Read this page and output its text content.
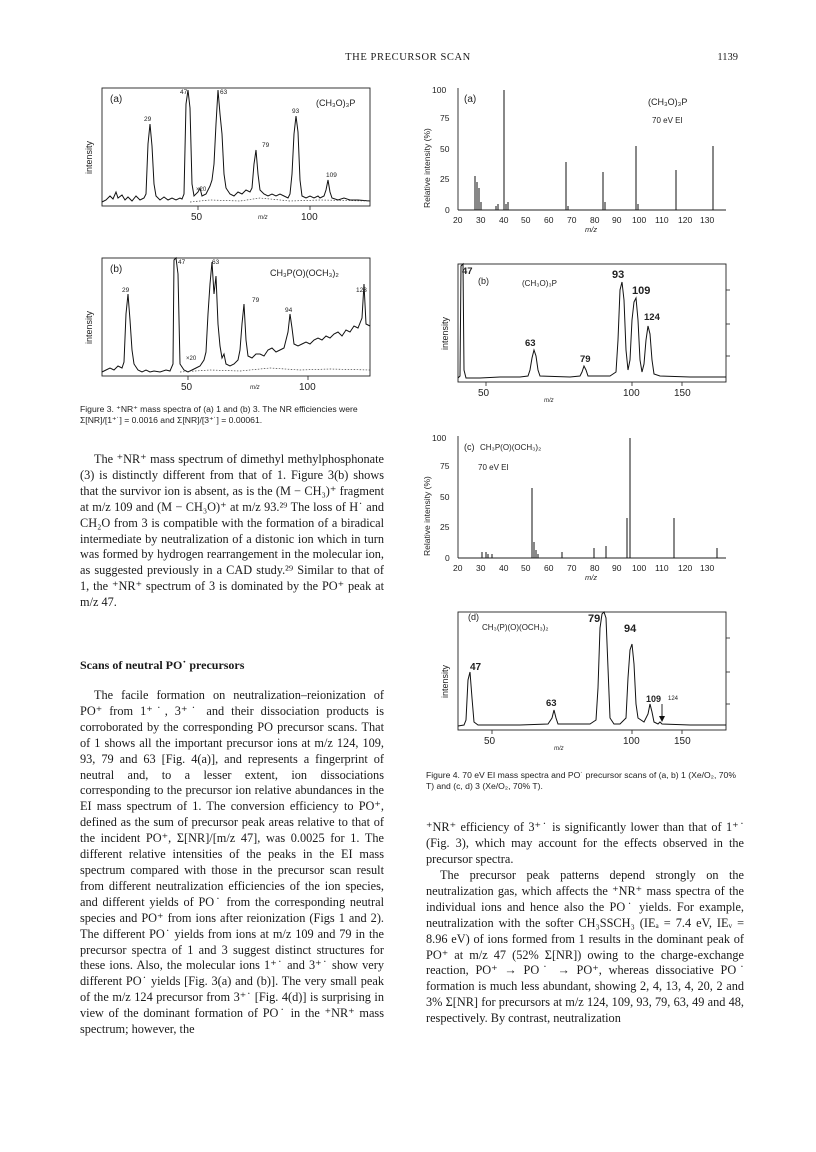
THE PRECURSOR SCAN	1139
(a)	(CH₃O)₃P
×20
29
47	63
79
93
109
intensity
50	m/z	100
(b)	CH₃P(O)(OCH₃)₂
×20
29
47	63
79
94
123
intensity
50	m/z	100
Figure 3. ⁺NR⁺ mass spectra of (a) 1 and (b) 3. The NR efficiencies were Σ[NR]/[1⁺˙] = 0.0016 and Σ[NR]/[3⁺˙] = 0.00061.

The ⁺NR⁺ mass spectrum of dimethyl methylphosphonate (3) is distinctly different from that of 1. Figure 3(b) shows that the survivor ion is absent, as is the (M − CH₃)⁺ fragment at m/z 109 and (M − CH₃O)⁺ at m/z 93.²⁹ The loss of H˙ and CH₂O from 3 is compatible with the formation of a biradical intermediate by neutralization of a distonic ion which in turn was formed by hydrogen rearrangement in the molecular ion, as suggested previously in a CAD study.²⁹ Similar to that of 1, the ⁺NR⁺ spectrum of 3 is dominated by the PO⁺ peak at m/z 47.

Scans of neutral PO˙ precursors

The facile formation on neutralization–reionization of PO⁺ from 1⁺˙, 3⁺˙ and their dissociation products is corroborated by the corresponding PO precursor scans. That of 1 shows all the important precursor ions at m/z 124, 109, 93, 79 and 63 [Fig. 4(a)], and represents a fingerprint of neutral and, to a lesser extent, ion dissociations corresponding to the precursor ion relative abundances in the EI mass spectrum of 1. The conversion efficiency to PO⁺, defined as the sum of precursor peak areas relative to that of the incident PO⁺, Σ[NR]/[m/z 47], was 0.0025 for 1. The different relative intensities of the peaks in the EI mass spectrum compared with those in the precursor scan result from different neutralization efficiencies of the ion species, and different yields of PO˙ from the corresponding neutral species and PO⁺ from ions after reionization (Figs 1 and 2). The different PO˙ yields from ions at m/z 109 and 79 in the precursor spectra of 1 and 3 suggest distinct structures for these ions. Also, the molecular ions 1⁺˙ and 3⁺˙ show very different PO˙ yields [Fig. 3(a) and (b)]. The very small peak of the m/z 124 precursor from 3⁺˙ [Fig. 4(d)] is surprising in view of the dominant formation of PO˙ in the ⁺NR⁺ mass spectrum; however, the

(a)	(CH₃O)₃P
70 eV EI
100
75
50
25
0
Relative intensity (%)
20 30 40 50 60 70 80 90 100 110 120 130
m/z
(b)	(CH₃O)₃P
47
63
79
93
109
124
intensity
50
m/z
100	150
(c) CH₃P(O)(OCH₃)₂
70 eV EI
100
75
50
25
0
Relative intensity (%)
20 30 40 50 60 70 80 90 100 110 120 130
m/z
(d)
CH₃(P)(O)(OCH₃)₂
47
63
79
94
109 124
intensity
50
m/z
100	150
Figure 4. 70 eV EI mass spectra and PO˙ precursor scans of (a, b) 1 (Xe/O₂, 70% T) and (c, d) 3 (Xe/O₂, 70% T).

⁺NR⁺ efficiency of 3⁺˙ is significantly lower than that of 1⁺˙ (Fig. 3), which may account for the effects observed in the precursor spectra.

The precursor peak patterns depend strongly on the neutralization gas, which affects the ⁺NR⁺ mass spectra of the individual ions and hence also the PO˙ yields. For example, neutralization with the softer CH₃SSCH₃ (IEₐ = 7.4 eV, IEᵥ = 8.96 eV) of ions formed from 1 results in the dominant peak of PO⁺ at m/z 47 (52% Σ[NR]) owing to the charge-exchange reaction, PO⁺ → PO˙ → PO⁺, whereas dissociative PO˙ formation is much less abundant, showing 2, 4, 13, 4, 20, 2 and 3% Σ[NR] for precursors at m/z 124, 109, 93, 79, 63, 49 and 48, respectively. By contrast, neutralization
